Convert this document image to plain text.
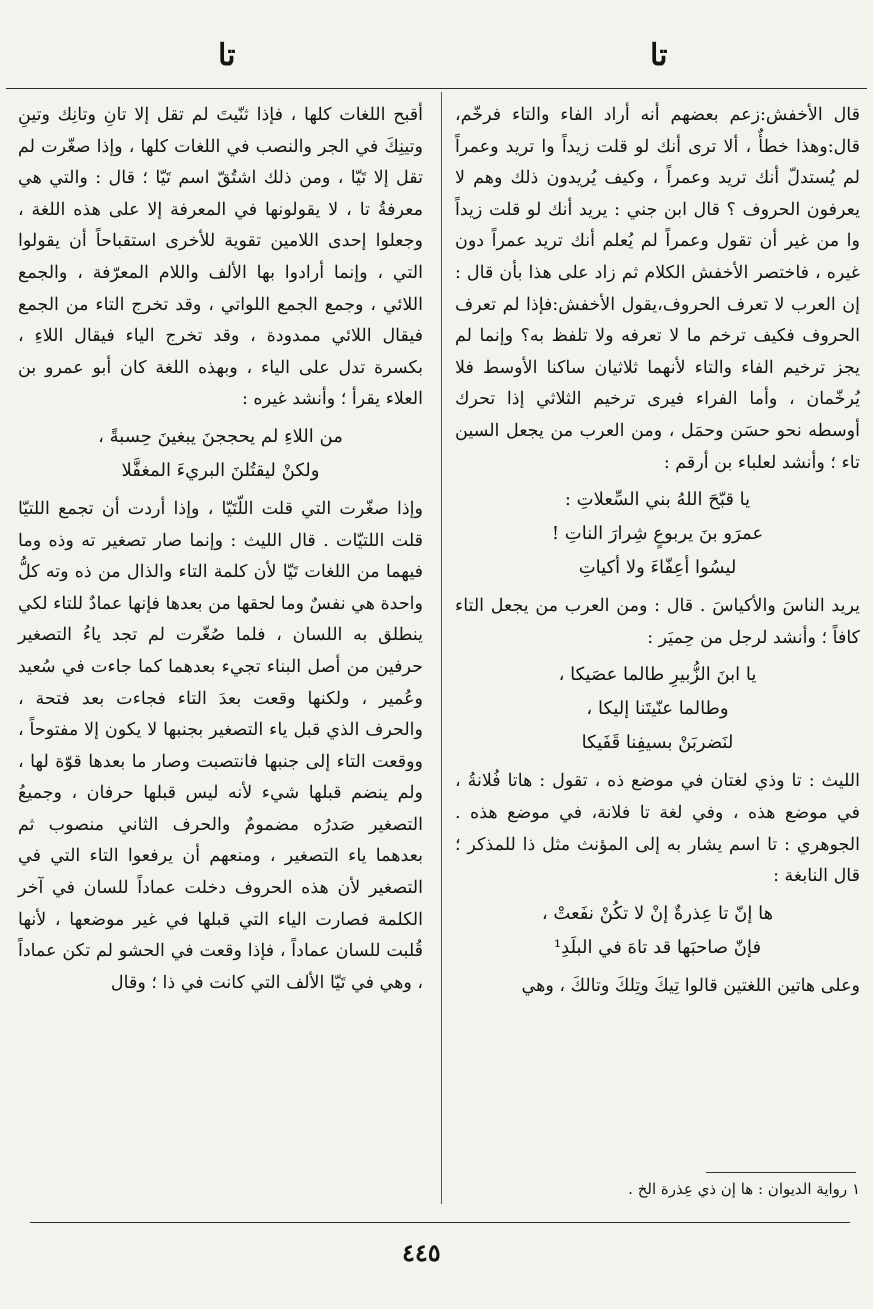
تا
تا

قال الأخفش:زعم بعضهم أنه أراد الفاء والتاء فرخّم، قال:وهذا خطأٌ ، ألا ترى أنك لو قلت زيداً وا تريد وعمراً لم يُستدلّ أنك تريد وعمراً ، وكيف يُريدون ذلك وهم لا يعرفون الحروف ؟ قال ابن جني : يريد أنك لو قلت زيداً وا من غير أن تقول وعمراً لم يُعلم أنك تريد عمراً دون غيره ، فاختصر الأخفش الكلام ثم زاد على هذا بأن قال : إن العرب لا تعرف الحروف،يقول الأخفش:فإذا لم تعرف الحروف فكيف ترخم ما لا تعرفه ولا تلفظ به؟ وإنما لم يجز ترخيم الفاء والتاء لأنهما ثلاثيان ساكنا الأوسط فلا يُرخّمان ، وأما الفراء فيرى ترخيم الثلاثي إذا تحرك أوسطه نحو حسَن وحمَل ، ومن العرب من يجعل السين تاء ؛ وأنشد لعلباء بن أرقم :

يا قبّحَ اللهُ بني السِّعلاتِ :
عمرَو بنَ يربوعٍ شِرارَ الناتِ !
ليسُوا أعِفّاءَ ولا أكياتِ

يريد الناسَ والأكياسَ . قال : ومن العرب من يجعل التاء كافاً ؛ وأنشد لرجل من حِميَر :

يا ابنَ الزُّبيرِ طالما عصَيكا ،
وطالما عنّيتَنا إليكا ،
لنَضربَنْ بسيفِنا قَفَيكا

الليث : تا وذي لغتان في موضع ذه ، تقول : هاتا فُلانةُ ، في موضع هذه ، وفي لغة تا فلانة، في موضع هذه . الجوهري : تا اسم يشار به إلى المؤنث مثل ذا للمذكر ؛ قال النابغة :

ها إنّ تا عِذرةٌ إنْ لا تكُنْ نفَعتْ ،
فإنّ صاحبَها قد تاهَ في البلَدِ¹

وعلى هاتين اللغتين قالوا تِيكَ وتِلكَ وتالكَ ، وهي

١ رواية الديوان : ها إن ذي عِذرة الخ .

أقبح اللغات كلها ، فإذا ثنّيتَ لم تقل إلا تانِ وتانِك وتينِ وتينِكَ في الجر والنصب في اللغات كلها ، وإذا صغّرت لم تقل إلا تَيّا ، ومن ذلك اشتُقّ اسم تَيّا ؛ قال : والتي هي معرفةُ تا ، لا يقولونها في المعرفة إلا على هذه اللغة ، وجعلوا إحدى اللامين تقوية للأخرى استقباحاً أن يقولوا التي ، وإنما أرادوا بها الألف واللام المعرّفة ، والجمع اللائي ، وجمع الجمع اللواتي ، وقد تخرج التاء من الجمع فيقال اللائي ممدودة ، وقد تخرج الياء فيقال اللاءِ ، بكسرة تدل على الياء ، وبهذه اللغة كان أبو عمرو بن العلاء يقرأ ؛ وأنشد غيره :

من اللاءِ لم يحججنَ يبغينَ حِسبةً ،
ولكنْ ليقتُلنَ البريءَ المغفَّلا

وإذا صغّرت التي قلت اللّتَيّا ، وإذا أردت أن تجمع اللتيّا قلت اللتيّات . قال الليث : وإنما صار تصغير ته وذه وما فيهما من اللغات تَيّا لأن كلمة التاء والذال من ذه وته كلُّ واحدة هي نفسٌ وما لحقها من بعدها فإنها عمادٌ للتاء لكي ينطلق به اللسان ، فلما صُغّرت لم تجد ياءُ التصغير حرفين من أصل البناء تجيء بعدهما كما جاءت في سُعيد وعُمير ، ولكنها وقعت بعدَ التاء فجاءت بعد فتحة ، والحرف الذي قبل ياء التصغير بجنبها لا يكون إلا مفتوحاً ، ووقعت التاء إلى جنبها فانتصبت وصار ما بعدها قوّة لها ، ولم ينضم قبلها شيء لأنه ليس قبلها حرفان ، وجميعُ التصغير صَدرُه مضمومٌ والحرف الثاني منصوب ثم بعدهما ياء التصغير ، ومنعهم أن يرفعوا التاء التي في التصغير لأن هذه الحروف دخلت عماداً للسان في آخر الكلمة فصارت الياء التي قبلها في غير موضعها ، لأنها قُلبت للسان عماداً ، فإذا وقعت في الحشو لم تكن عماداً ، وهي في تَيّا الألف التي كانت في ذا ؛ وقال

٤٤٥
